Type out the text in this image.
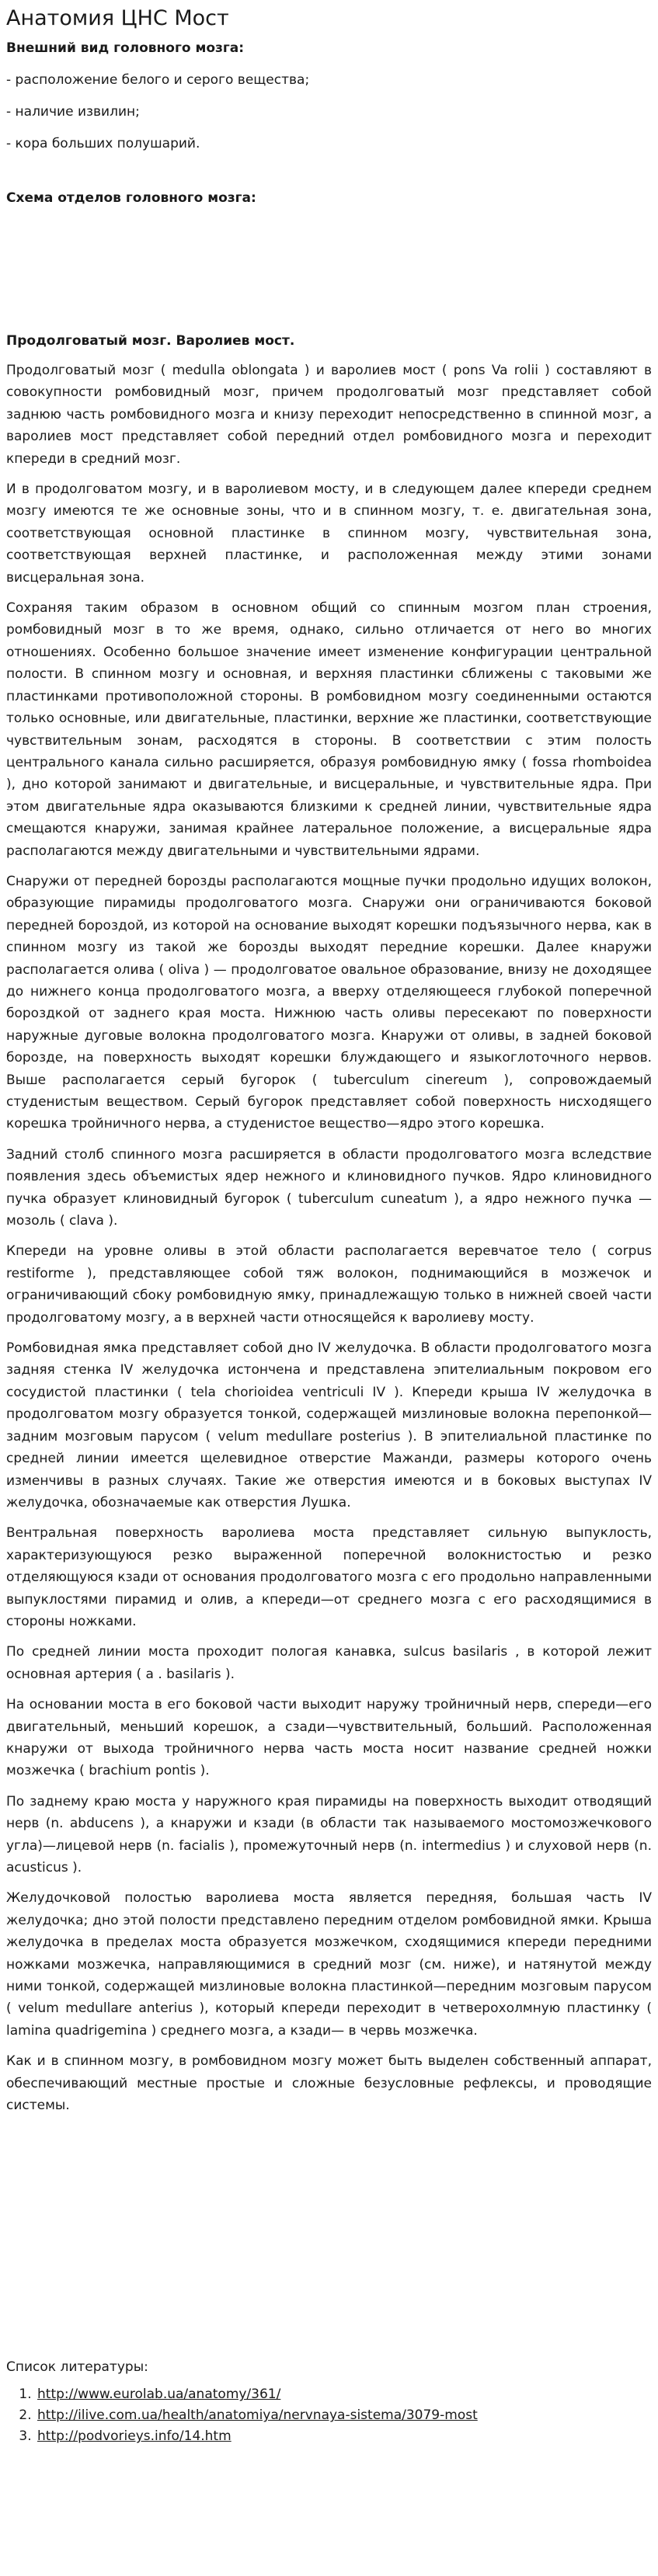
Анатомия ЦНС Мост

Внешний вид головного мозга:

- расположение белого и серого вещества;

- наличие извилин;

- кора больших полушарий.

Схема отделов головного мозга:

Продолговатый мозг. Варолиев мост.

Продолговатый мозг ( medulla oblongata ) и варолиев мост ( pons Va rolii ) составляют в совокупности ромбовидный мозг, причем продолговатый мозг представляет собой заднюю часть ромбовидного мозга и книзу переходит непосредственно в спинной мозг, а варолиев мост представляет собой передний отдел ромбовидного мозга и переходит кпереди в средний мозг.

И в продолговатом мозгу, и в варолиевом мосту, и в следующем далее кпереди среднем мозгу имеются те же основные зоны, что и в спинном мозгу, т. е. двигательная зона, соответствующая основной пластинке в спинном мозгу, чувствительная зона, соответствующая верхней пластинке, и расположенная между этими зонами висцеральная зона.

Сохраняя таким образом в основном общий со спинным мозгом план строения, ромбовидный мозг в то же время, однако, сильно отличается от него во многих отношениях. Особенно большое значение имеет изменение конфигурации центральной полости. В спинном мозгу и основная, и верхняя пластинки сближены с таковыми же пластинками противоположной стороны. В ромбовидном мозгу соединенными остаются только основные, или двигательные, пластинки, верхние же пластинки, соответствующие чувствительным зонам, расходятся в стороны. В соответствии с этим полость центрального канала сильно расширяется, образуя ромбовидную ямку ( fossa rhomboidea ), дно которой занимают и двигательные, и висцеральные, и чувствительные ядра. При этом двигательные ядра оказываются близкими к средней линии, чувствительные ядра смещаются кнаружи, занимая крайнее латеральное положение, а висцеральные ядра располагаются между двигательными и чувствительными ядрами.

Снаружи от передней борозды располагаются мощные пучки продольно идущих волокон, образующие пирамиды продолговатого мозга. Снаружи они ограничиваются боковой передней бороздой, из которой на основание выходят корешки подъязычного нерва, как в спинном мозгу из такой же борозды выходят передние корешки. Далее кнаружи располагается олива ( oliva ) — продолговатое овальное образование, внизу не доходящее до нижнего конца продолговатого мозга, а вверху отделяющееся глубокой поперечной бороздкой от заднего края моста. Нижнюю часть оливы пересекают по поверхности наружные дуговые волокна продолговатого мозга. Кнаружи от оливы, в задней боковой борозде, на поверхность выходят корешки блуждающего и языкоглоточного нервов. Выше располагается серый бугорок ( tuberculum cinereum ), сопровождаемый студенистым веществом. Серый бугорок представляет собой поверхность нисходящего корешка тройничного нерва, а студенистое вещество—ядро этого корешка.

Задний столб спинного мозга расширяется в области продолговатого мозга вследствие появления здесь объемистых ядер нежного и клиновидного пучков. Ядро клиновидного пучка образует клиновидный бугорок ( tuberculum cuneatum ), а ядро нежного пучка — мозоль ( clava ).

Кпереди на уровне оливы в этой области располагается веревчатое тело ( corpus restiforme ), представляющее собой тяж волокон, поднимающийся в мозжечок и ограничивающий сбоку ромбовидную ямку, принадлежащую только в нижней своей части продолговатому мозгу, а в верхней части относящейся к варолиеву мосту.

Ромбовидная ямка представляет собой дно IV желудочка. В области продолговатого мозга задняя стенка IV желудочка истончена и представлена эпителиальным покровом его сосудистой пластинки ( tela chorioidea ventriculi IV ). Кпереди крыша IV желудочка в продолговатом мозгу образуется тонкой, содержащей мизлиновые волокна перепонкой—задним мозговым парусом ( velum medullare posterius ). В эпителиальной пластинке по средней линии имеется щелевидное отверстие Мажанди, размеры которого очень изменчивы в разных случаях. Такие же отверстия имеются и в боковых выступах IV желудочка, обозначаемые как отверстия Лушка.

Вентральная поверхность варолиева моста представляет сильную выпуклость, характеризующуюся резко выраженной поперечной волокнистостью и резко отделяющуюся кзади от основания продолговатого мозга с его продольно направленными выпуклостями пирамид и олив, а кпереди—от среднего мозга с его расходящимися в стороны ножками.

По средней линии моста проходит пологая канавка, sulcus basilaris , в которой лежит основная артерия ( a . basilaris ).

На основании моста в его боковой части выходит наружу тройничный нерв, спереди—его двигательный, меньший корешок, а сзади—чувствительный, больший. Расположенная кнаружи от выхода тройничного нерва часть моста носит название средней ножки мозжечка ( brachium pontis ).

По заднему краю моста у наружного края пирамиды на поверхность выходит отводящий нерв (n. abducens ), а кнаружи и кзади (в области так называемого мостомозжечкового угла)—лицевой нерв (n. facialis ), промежуточный нерв (n. intermedius ) и слуховой нерв (n. acusticus ).

Желудочковой полостью варолиева моста является передняя, большая часть IV желудочка; дно этой полости представлено передним отделом ромбовидной ямки. Крыша желудочка в пределах моста образуется мозжечком, сходящимися кпереди передними ножками мозжечка, направляющимися в средний мозг (см. ниже), и натянутой между ними тонкой, содержащей мизлиновые волокна пластинкой—передним мозговым парусом ( velum medullare anterius ), который кпереди переходит в четверохолмную пластинку ( lamina quadrigemina ) среднего мозга, а кзади— в червь мозжечка.

Как и в спинном мозгу, в ромбовидном мозгу может быть выделен собственный аппарат, обеспечивающий местные простые и сложные безусловные рефлексы, и проводящие системы.

Список литературы:

1. http://www.eurolab.ua/anatomy/361/
2. http://ilive.com.ua/health/anatomiya/nervnaya-sistema/3079-most
3. http://podvorieys.info/14.htm
